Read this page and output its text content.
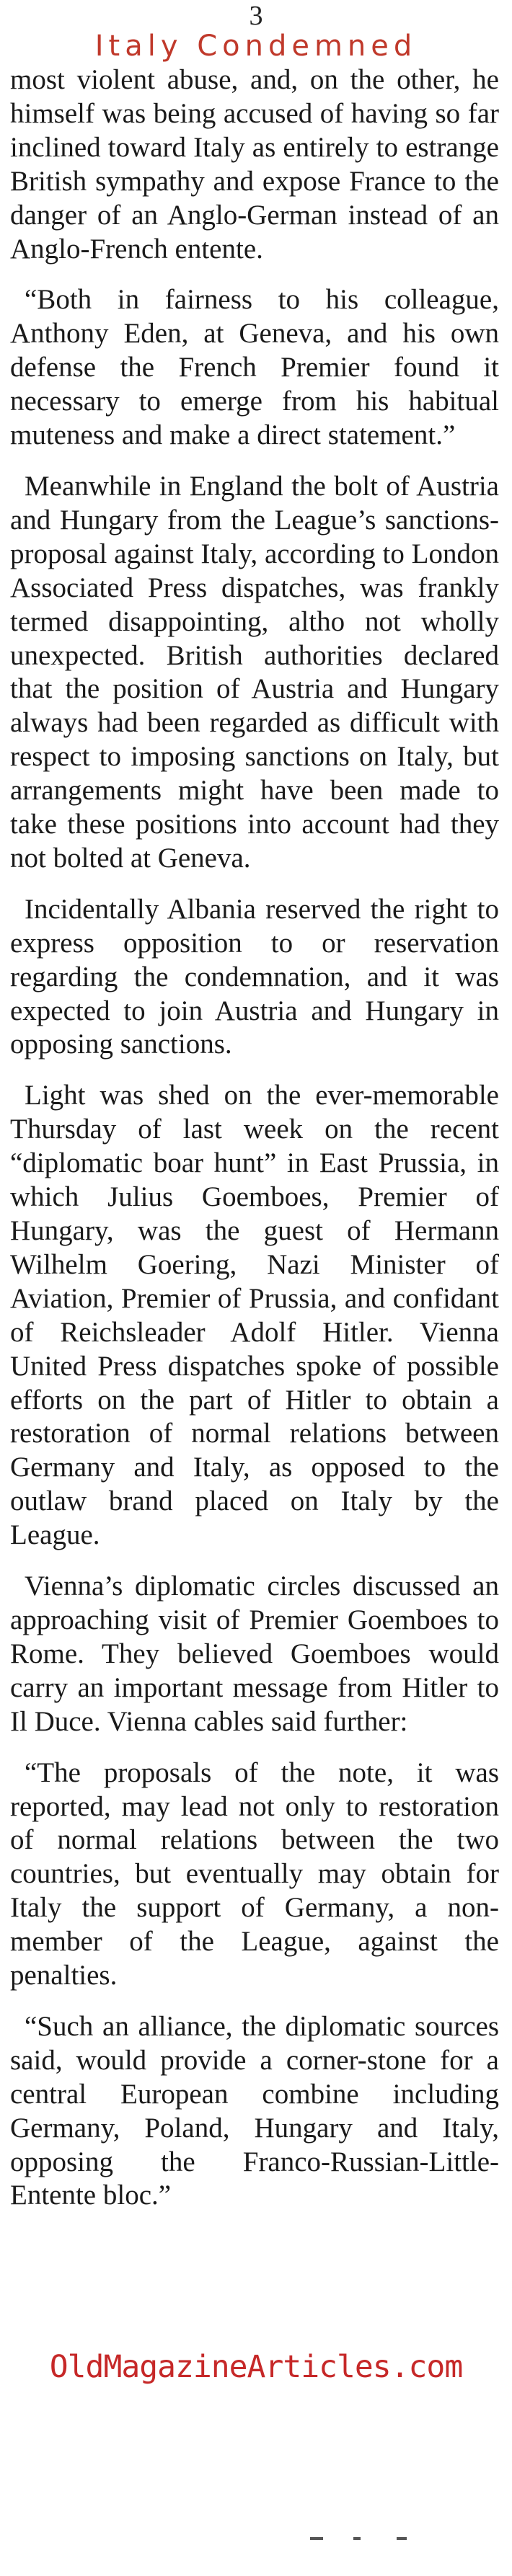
3
Italy Condemned

most violent abuse, and, on the other, he himself was being accused of having so far inclined toward Italy as entirely to estrange British sympathy and expose France to the danger of an Anglo-German instead of an Anglo-French entente.

“Both in fairness to his colleague, Anthony Eden, at Geneva, and his own defense the French Premier found it necessary to emerge from his habitual muteness and make a direct statement.”

Meanwhile in England the bolt of Austria and Hungary from the League’s sanctions-proposal against Italy, according to London Associated Press dispatches, was frankly termed disappointing, altho not wholly unexpected. British authorities declared that the position of Austria and Hungary always had been regarded as difficult with respect to imposing sanctions on Italy, but arrangements might have been made to take these positions into account had they not bolted at Geneva.

Incidentally Albania reserved the right to express opposition to or reservation regarding the condemnation, and it was expected to join Austria and Hungary in opposing sanctions.

Light was shed on the ever-memorable Thursday of last week on the recent “diplomatic boar hunt” in East Prussia, in which Julius Goemboes, Premier of Hungary, was the guest of Hermann Wilhelm Goering, Nazi Minister of Aviation, Premier of Prussia, and confidant of Reichsleader Adolf Hitler. Vienna United Press dispatches spoke of possible efforts on the part of Hitler to obtain a restoration of normal relations between Germany and Italy, as opposed to the outlaw brand placed on Italy by the League.

Vienna’s diplomatic circles discussed an approaching visit of Premier Goemboes to Rome. They believed Goemboes would carry an important message from Hitler to Il Duce. Vienna cables said further:

“The proposals of the note, it was reported, may lead not only to restoration of normal relations between the two countries, but eventually may obtain for Italy the support of Germany, a non-member of the League, against the penalties.

“Such an alliance, the diplomatic sources said, would provide a corner-stone for a central European combine including Germany, Poland, Hungary and Italy, opposing the Franco-Russian-Little-Entente bloc.”

OldMagazineArticles.com
